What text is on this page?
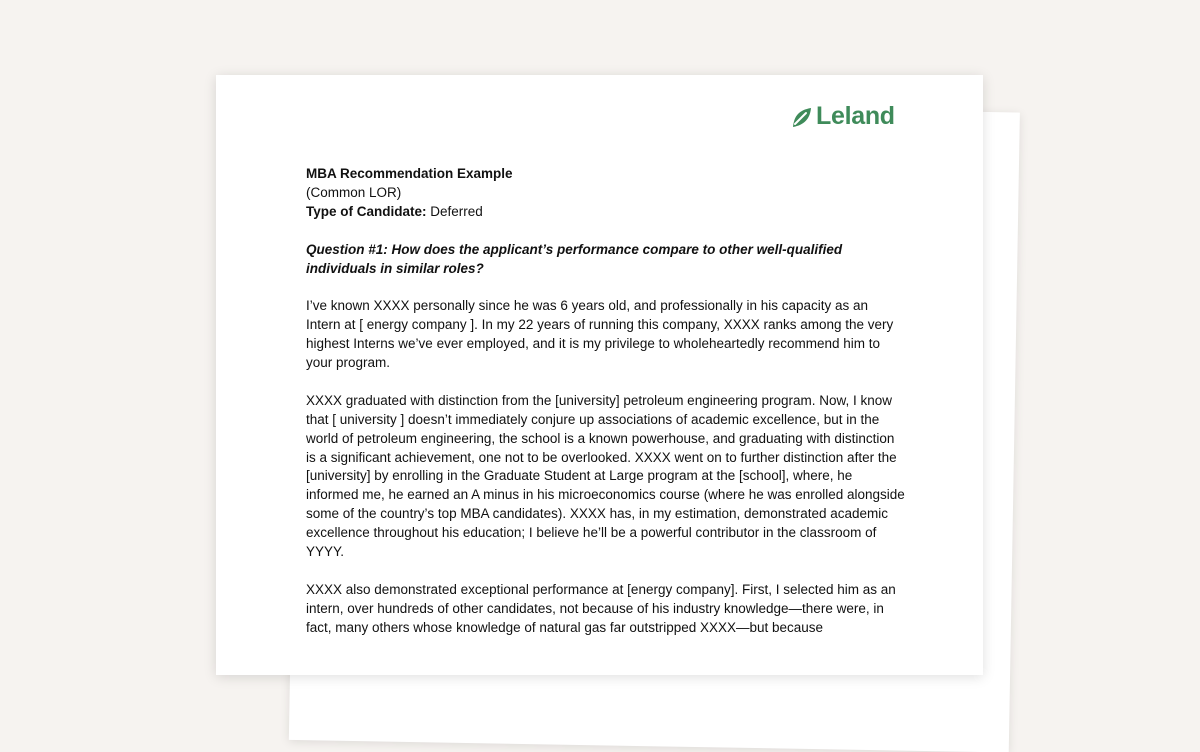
Leland
MBA Recommendation Example
(Common LOR)
Type of Candidate: Deferred
Question #1: How does the applicant’s performance compare to other well-qualified individuals in similar roles?

I’ve known XXXX personally since he was 6 years old, and professionally in his capacity as an Intern at [ energy company ]. In my 22 years of running this company, XXXX ranks among the very highest Interns we’ve ever employed, and it is my privilege to wholeheartedly recommend him to your program.

XXXX graduated with distinction from the [university] petroleum engineering program. Now, I know that [ university ] doesn’t immediately conjure up associations of academic excellence, but in the world of petroleum engineering, the school is a known powerhouse, and graduating with distinction is a significant achievement, one not to be overlooked. XXXX went on to further distinction after the [university] by enrolling in the Graduate Student at Large program at the [school], where, he informed me, he earned an A minus in his microeconomics course (where he was enrolled alongside some of the country’s top MBA candidates). XXXX has, in my estimation, demonstrated academic excellence throughout his education; I believe he’ll be a powerful contributor in the classroom of YYYY.

XXXX also demonstrated exceptional performance at [energy company]. First, I selected him as an intern, over hundreds of other candidates, not because of his industry knowledge—there were, in fact, many others whose knowledge of natural gas far outstripped XXXX—but because
